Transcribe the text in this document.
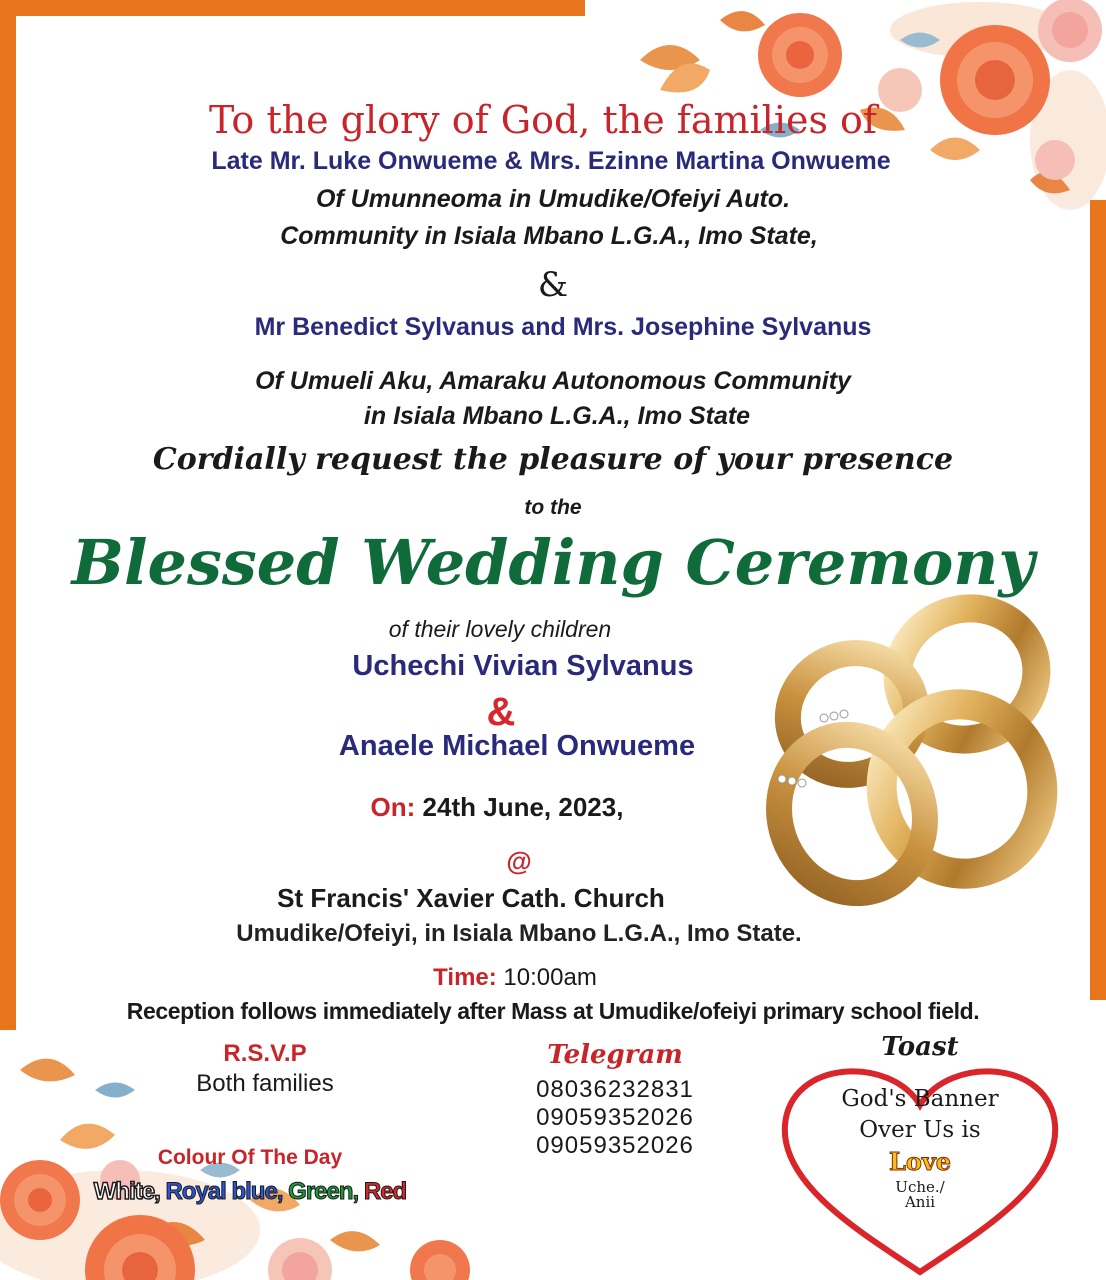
To the glory of God, the families of
Late Mr. Luke Onwueme & Mrs. Ezinne Martina Onwueme
Of Umunneoma in Umudike/Ofeiyi Auto.
Community in Isiala Mbano L.G.A., Imo State,
&
Mr Benedict Sylvanus and Mrs. Josephine Sylvanus
Of Umueli Aku, Amaraku Autonomous Community
in Isiala Mbano L.G.A., Imo State
Cordially request the pleasure of your presence
to the
Blessed Wedding Ceremony
of their lovely children
Uchechi Vivian Sylvanus
&
Anaele Michael Onwueme
On: 24th June, 2023,
@
St Francis' Xavier Cath. Church
Umudike/Ofeiyi, in Isiala Mbano L.G.A., Imo State.
Time: 10:00am
Reception follows immediately after Mass at Umudike/ofeiyi primary school field.
R.S.V.P
Both families
Colour Of The Day
White, Royal blue, Green, Red
Telegram
08036232831
09059352026
09059352026
Toast
God's Banner
Over Us is
Love
Uche./
Anii
